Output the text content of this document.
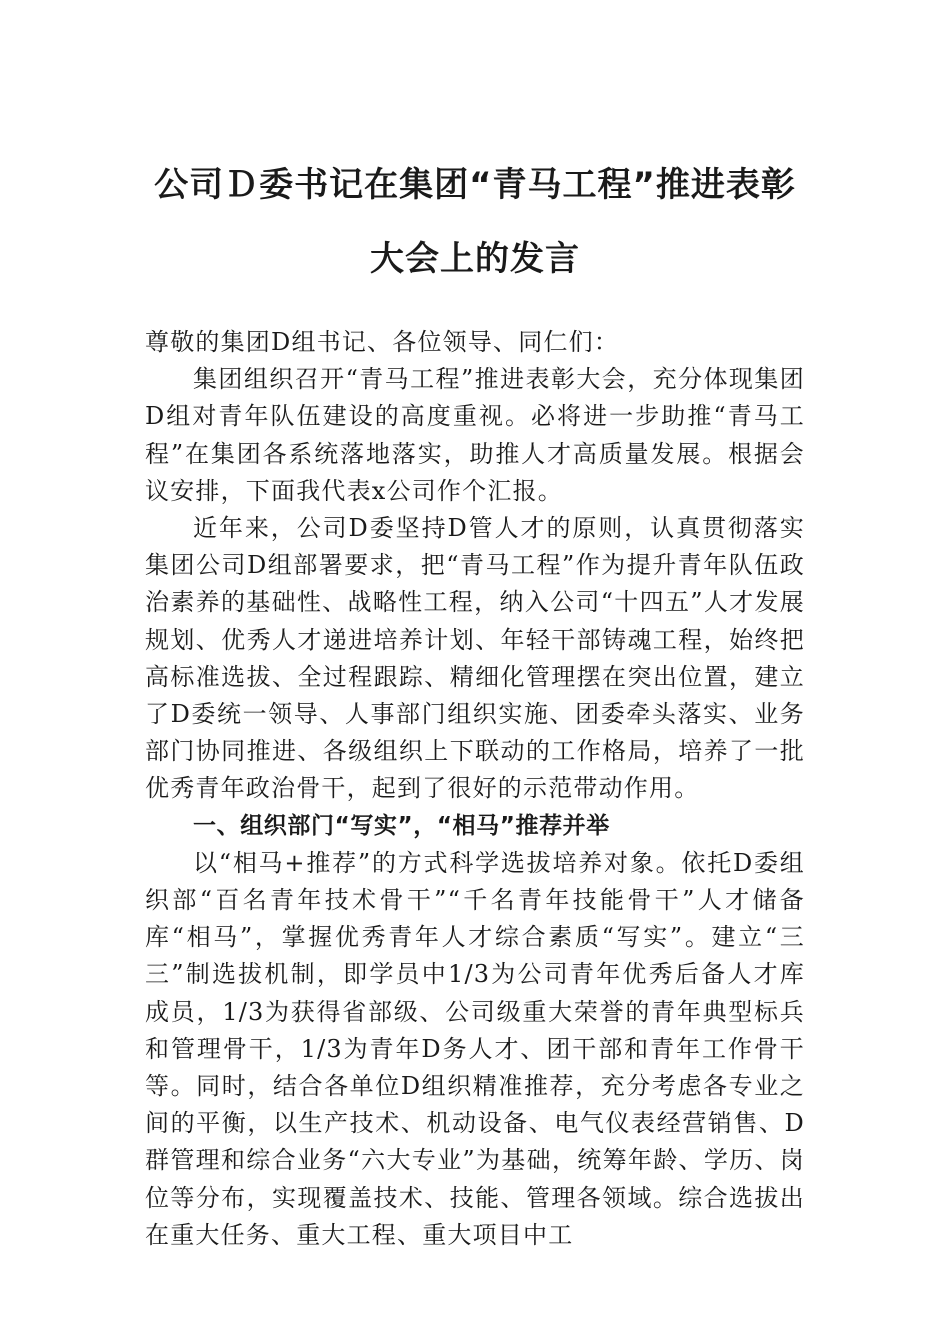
公司Ｄ委书记在集团“青马工程”推进表彰大会上的发言

尊敬的集团D组书记、各位领导、同仁们：

集团组织召开“青马工程”推进表彰大会，充分体现集团D组对青年队伍建设的高度重视。必将进一步助推“青马工程”在集团各系统落地落实，助推人才高质量发展。根据会议安排，下面我代表x公司作个汇报。

近年来，公司D委坚持D管人才的原则，认真贯彻落实集团公司D组部署要求，把“青马工程”作为提升青年队伍政治素养的基础性、战略性工程，纳入公司“十四五”人才发展规划、优秀人才递进培养计划、年轻干部铸魂工程，始终把高标准选拔、全过程跟踪、精细化管理摆在突出位置，建立了D委统一领导、人事部门组织实施、团委牵头落实、业务部门协同推进、各级组织上下联动的工作格局，培养了一批优秀青年政治骨干，起到了很好的示范带动作用。

一、组织部门“写实”，“相马”推荐并举

以“相马+推荐”的方式科学选拔培养对象。依托D委组织部“百名青年技术骨干”“千名青年技能骨干”人才储备库“相马”，掌握优秀青年人才综合素质“写实”。建立“三三”制选拔机制，即学员中1/3为公司青年优秀后备人才库成员，1/3为获得省部级、公司级重大荣誉的青年典型标兵和管理骨干，1/3为青年D务人才、团干部和青年工作骨干等。同时，结合各单位D组织精准推荐，充分考虑各专业之间的平衡，以生产技术、机动设备、电气仪表经营销售、D群管理和综合业务“六大专业”为基础，统筹年龄、学历、岗位等分布，实现覆盖技术、技能、管理各领域。综合选拔出在重大任务、重大工程、重大项目中工
